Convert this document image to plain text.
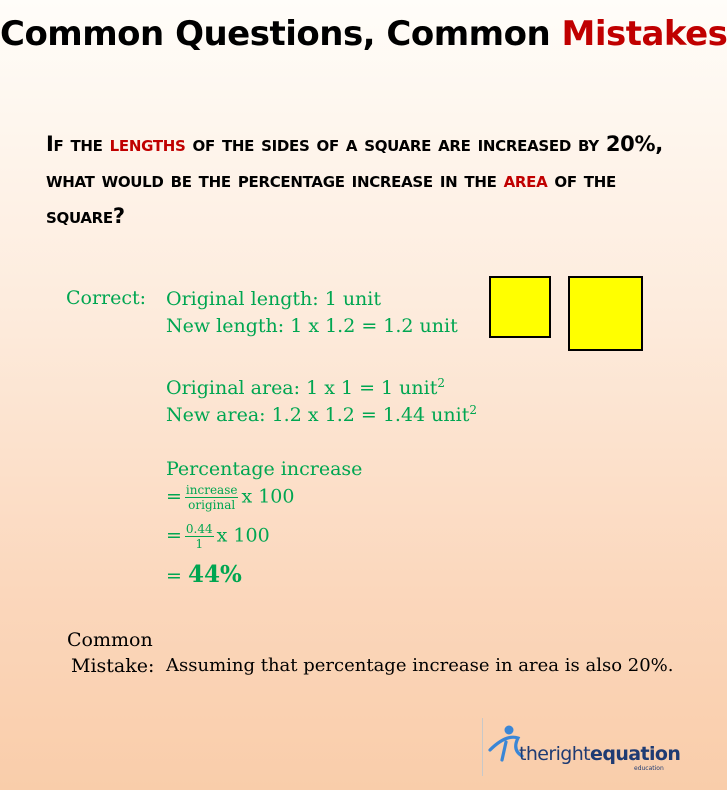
Common Questions, Common Mistakes
If the lengths of the sides of a square are increased by 20%, what would be the percentage increase in the area of the square?
Correct: Original length: 1 unit
New length: 1 x 1.2 = 1.2 unit
Original area: 1 x 1 = 1 unit$^2$
New area: 1.2 x 1.2 = 1.44 unit$^2$
Percentage increase
= $\frac{\text{increase}}{\text{original}}$ x 100
= $\frac{0.44}{1}$ x 100
= 44%
Common
Mistake: Assuming that percentage increase in area is also 20%.
therightequation
education
